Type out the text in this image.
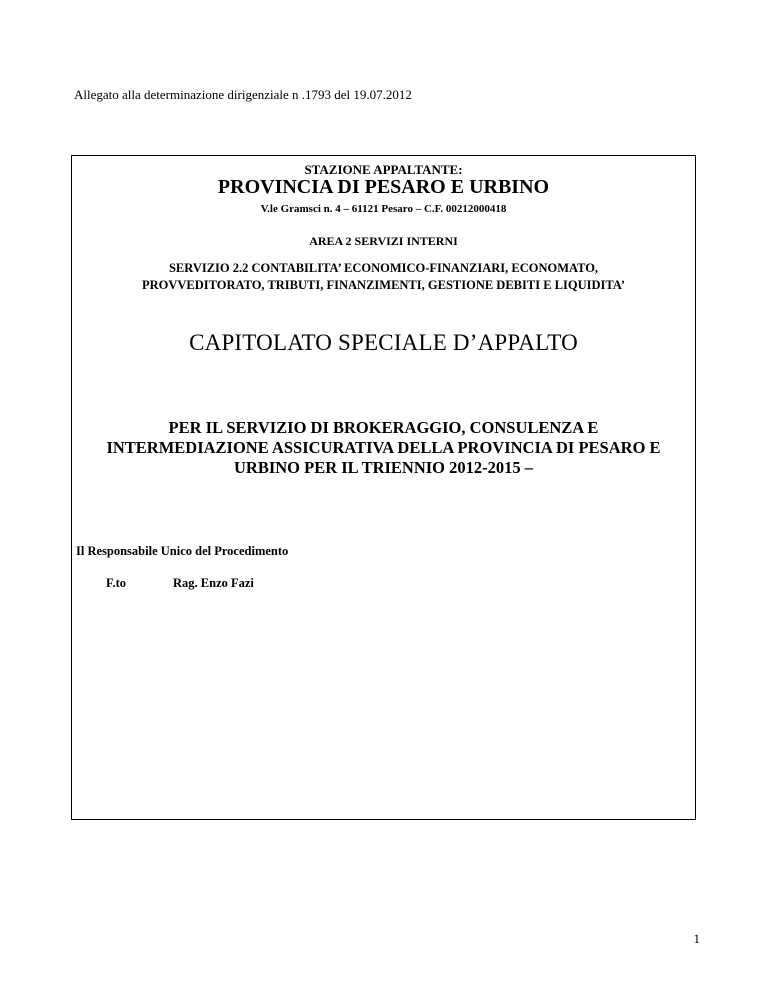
Allegato alla determinazione dirigenziale n .1793 del 19.07.2012
STAZIONE APPALTANTE:
PROVINCIA DI PESARO E URBINO
V.le Gramsci n. 4 – 61121 Pesaro – C.F. 00212000418
AREA 2 SERVIZI INTERNI
SERVIZIO 2.2 CONTABILITA’ ECONOMICO-FINANZIARI, ECONOMATO,
PROVVEDITORATO, TRIBUTI, FINANZIMENTI, GESTIONE DEBITI E LIQUIDITA’
CAPITOLATO SPECIALE D’APPALTO
PER IL SERVIZIO DI BROKERAGGIO, CONSULENZA E
INTERMEDIAZIONE ASSICURATIVA DELLA PROVINCIA DI PESARO E
URBINO PER IL TRIENNIO 2012-2015 –
Il Responsabile Unico del Procedimento
F.to	Rag. Enzo Fazi
1
